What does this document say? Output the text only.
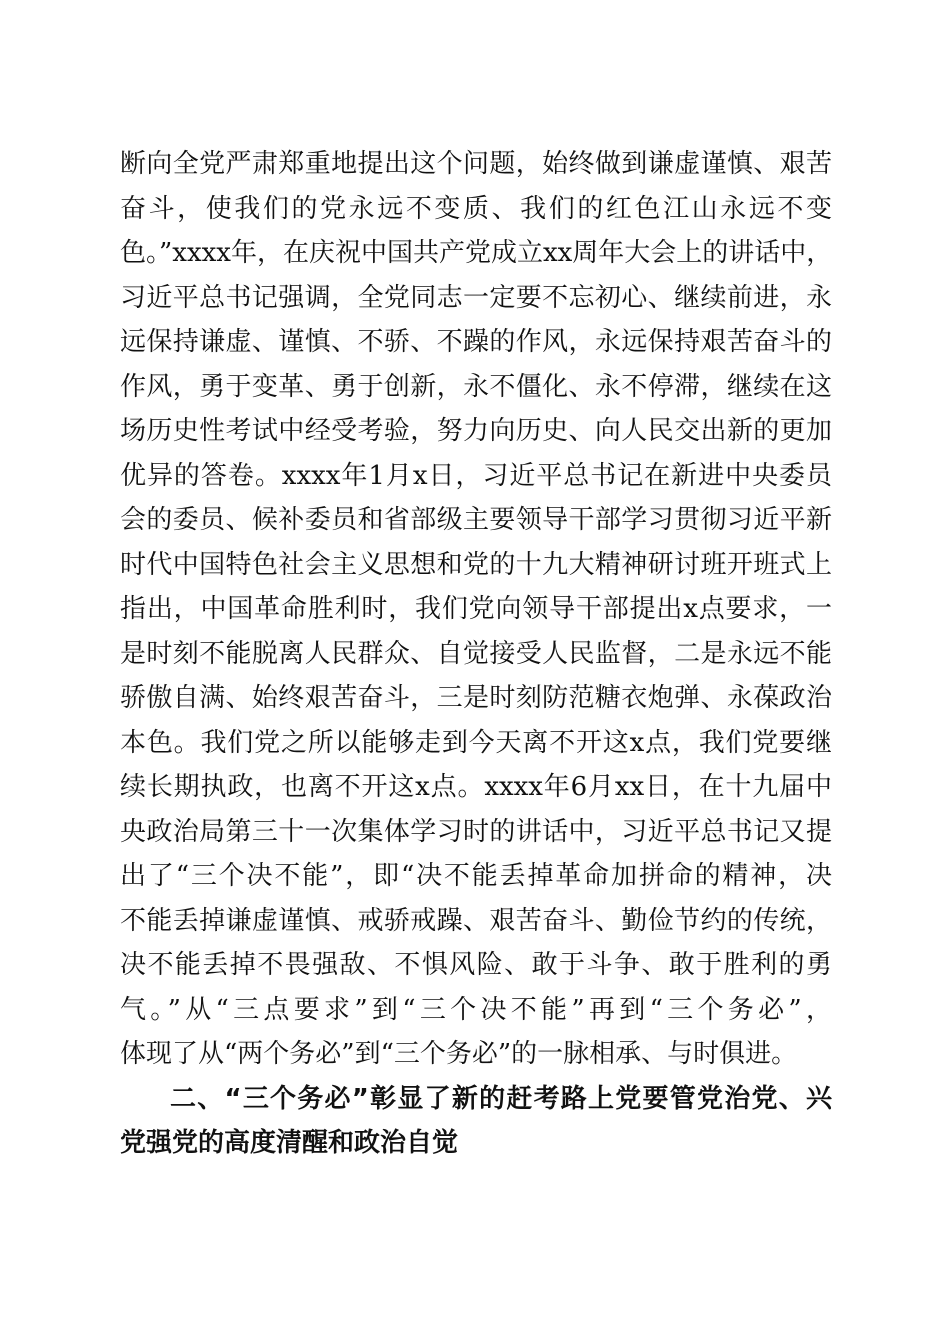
断向全党严肃郑重地提出这个问题，始终做到谦虚谨慎、艰苦
奋斗，使我们的党永远不变质、我们的红色江山永远不变
色。”xxxx年，在庆祝中国共产党成立xx周年大会上的讲话中，
习近平总书记强调，全党同志一定要不忘初心、继续前进，永
远保持谦虚、谨慎、不骄、不躁的作风，永远保持艰苦奋斗的
作风，勇于变革、勇于创新，永不僵化、永不停滞，继续在这
场历史性考试中经受考验，努力向历史、向人民交出新的更加
优异的答卷。xxxx年1月x日，习近平总书记在新进中央委员
会的委员、候补委员和省部级主要领导干部学习贯彻习近平新
时代中国特色社会主义思想和党的十九大精神研讨班开班式上
指出，中国革命胜利时，我们党向领导干部提出x点要求，一
是时刻不能脱离人民群众、自觉接受人民监督，二是永远不能
骄傲自满、始终艰苦奋斗，三是时刻防范糖衣炮弹、永葆政治
本色。我们党之所以能够走到今天离不开这x点，我们党要继
续长期执政，也离不开这x点。xxxx年6月xx日，在十九届中
央政治局第三十一次集体学习时的讲话中，习近平总书记又提
出了“三个决不能”，即“决不能丢掉革命加拼命的精神，决
不能丢掉谦虚谨慎、戒骄戒躁、艰苦奋斗、勤俭节约的传统，
决不能丢掉不畏强敌、不惧风险、敢于斗争、敢于胜利的勇
气。”从“三点要求”到“三个决不能”再到“三个务必”，
体现了从“两个务必”到“三个务必”的一脉相承、与时俱进。
二、“三个务必”彰显了新的赶考路上党要管党治党、兴
党强党的高度清醒和政治自觉
